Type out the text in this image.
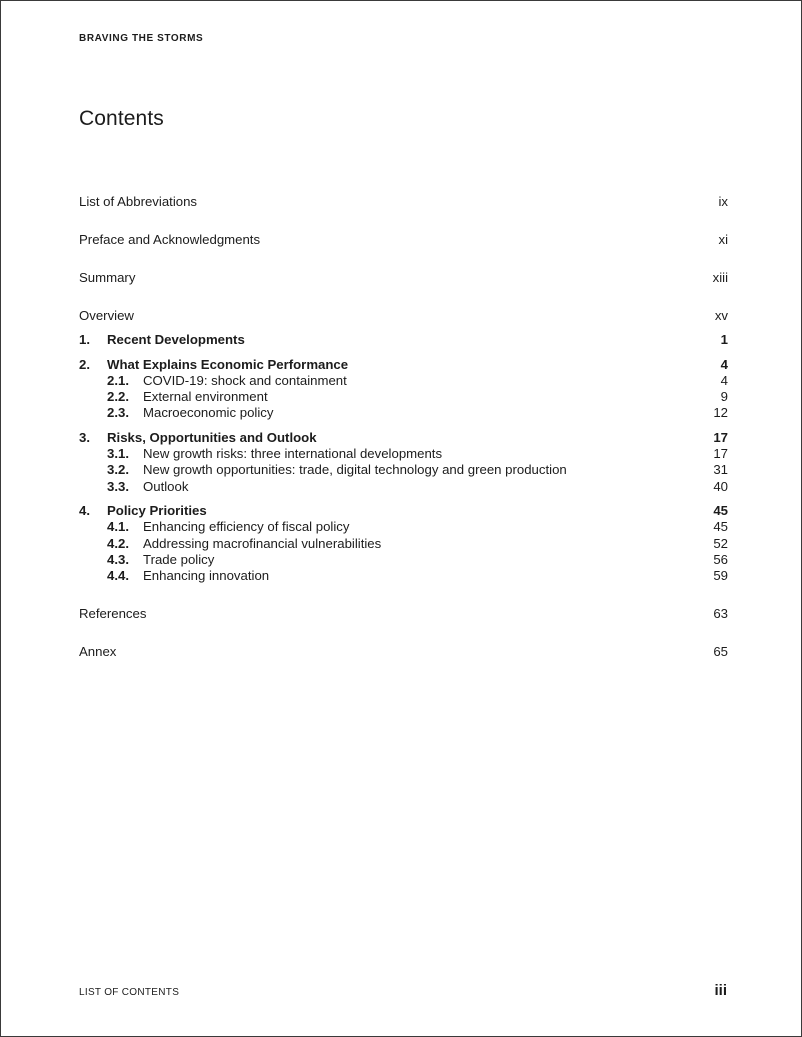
BRAVING THE STORMS
Contents
List of Abbreviations	ix
Preface and Acknowledgments	xi
Summary	xiii
Overview	xv
1.	Recent Developments	1
2.	What Explains Economic Performance	4
2.1.	COVID-19: shock and containment	4
2.2.	External environment	9
2.3.	Macroeconomic policy	12
3.	Risks, Opportunities and Outlook	17
3.1.	New growth risks: three international developments	17
3.2.	New growth opportunities: trade, digital technology and green production	31
3.3.	Outlook	40
4.	Policy Priorities	45
4.1.	Enhancing efficiency of fiscal policy	45
4.2.	Addressing macrofinancial vulnerabilities	52
4.3.	Trade policy	56
4.4.	Enhancing innovation	59
References	63
Annex	65
LIST OF CONTENTS	iii
